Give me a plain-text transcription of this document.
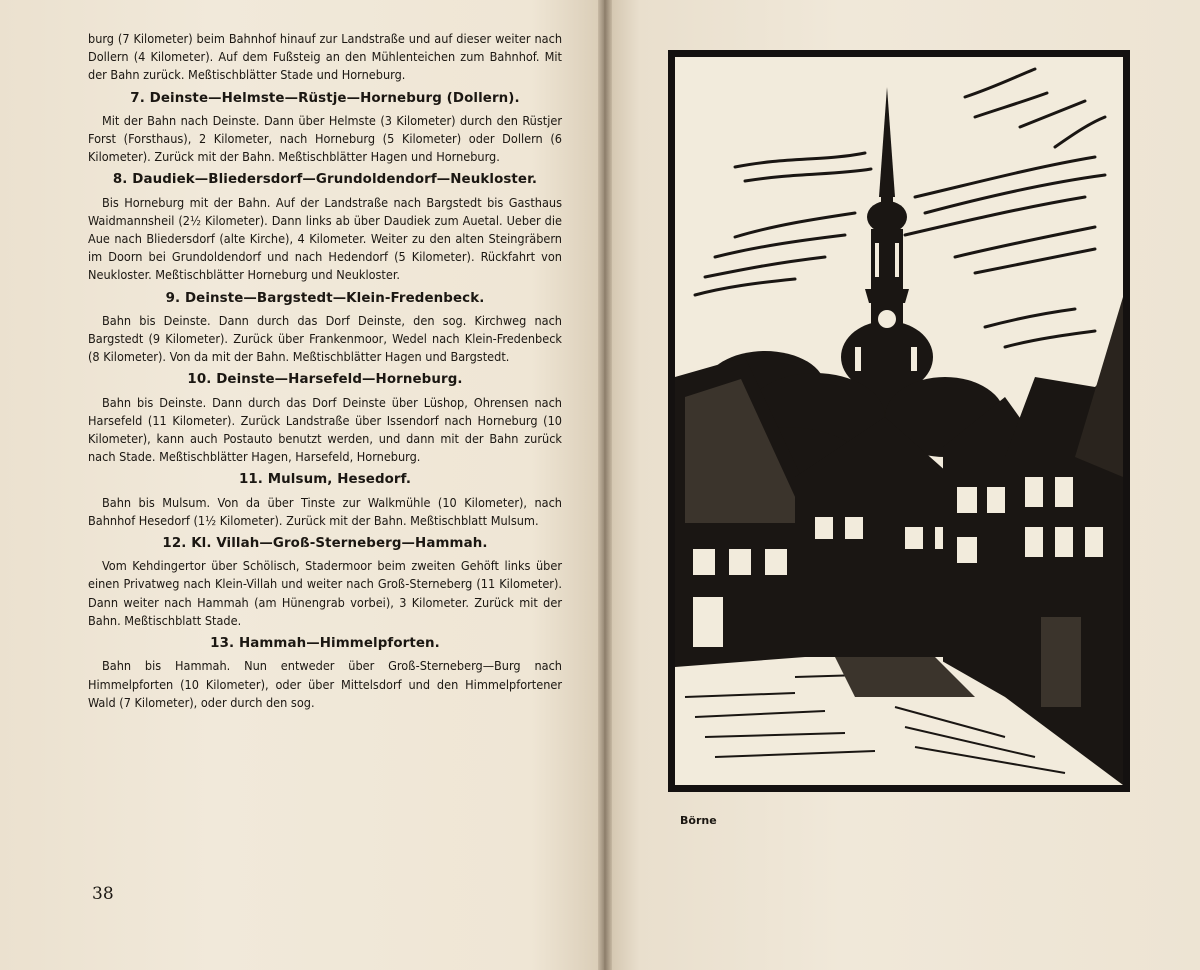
burg (7 Kilometer) beim Bahnhof hinauf zur Landstraße und auf dieser weiter nach Dollern (4 Kilometer). Auf dem Fußsteig an den Mühlenteichen zum Bahnhof. Mit der Bahn zurück. Meßtischblätter Stade und Horneburg.

7. Deinste—Helmste—Rüstje—Horneburg (Dollern).

Mit der Bahn nach Deinste. Dann über Helmste (3 Kilometer) durch den Rüstjer Forst (Forsthaus), 2 Kilometer, nach Horneburg (5 Kilometer) oder Dollern (6 Kilometer). Zurück mit der Bahn. Meßtischblätter Hagen und Horneburg.

8. Daudiek—Bliedersdorf—Grundoldendorf—Neukloster.

Bis Horneburg mit der Bahn. Auf der Landstraße nach Bargstedt bis Gasthaus Waidmannsheil (2½ Kilometer). Dann links ab über Daudiek zum Auetal. Ueber die Aue nach Bliedersdorf (alte Kirche), 4 Kilometer. Weiter zu den alten Steingräbern im Doorn bei Grundoldendorf und nach Hedendorf (5 Kilometer). Rückfahrt von Neukloster. Meßtischblätter Horneburg und Neukloster.

9. Deinste—Bargstedt—Klein-Fredenbeck.

Bahn bis Deinste. Dann durch das Dorf Deinste, den sog. Kirchweg nach Bargstedt (9 Kilometer). Zurück über Frankenmoor, Wedel nach Klein-Fredenbeck (8 Kilometer). Von da mit der Bahn. Meßtischblätter Hagen und Bargstedt.

10. Deinste—Harsefeld—Horneburg.

Bahn bis Deinste. Dann durch das Dorf Deinste über Lüshop, Ohrensen nach Harsefeld (11 Kilometer). Zurück Landstraße über Issendorf nach Horneburg (10 Kilometer), kann auch Postauto benutzt werden, und dann mit der Bahn zurück nach Stade. Meßtischblätter Hagen, Harsefeld, Horneburg.

11. Mulsum, Hesedorf.

Bahn bis Mulsum. Von da über Tinste zur Walkmühle (10 Kilometer), nach Bahnhof Hesedorf (1½ Kilometer). Zurück mit der Bahn. Meßtischblatt Mulsum.

12. Kl. Villah—Groß-Sterneberg—Hammah.

Vom Kehdingertor über Schölisch, Stadermoor beim zweiten Gehöft links über einen Privatweg nach Klein-Villah und weiter nach Groß-Sterneberg (11 Kilometer). Dann weiter nach Hammah (am Hünengrab vorbei), 3 Kilometer. Zurück mit der Bahn. Meßtischblatt Stade.

13. Hammah—Himmelpforten.

Bahn bis Hammah. Nun entweder über Groß-Sterneberg—Burg nach Himmelpforten (10 Kilometer), oder über Mittelsdorf und den Himmelpfortener Wald (7 Kilometer), oder durch den sog.

38
Börne
